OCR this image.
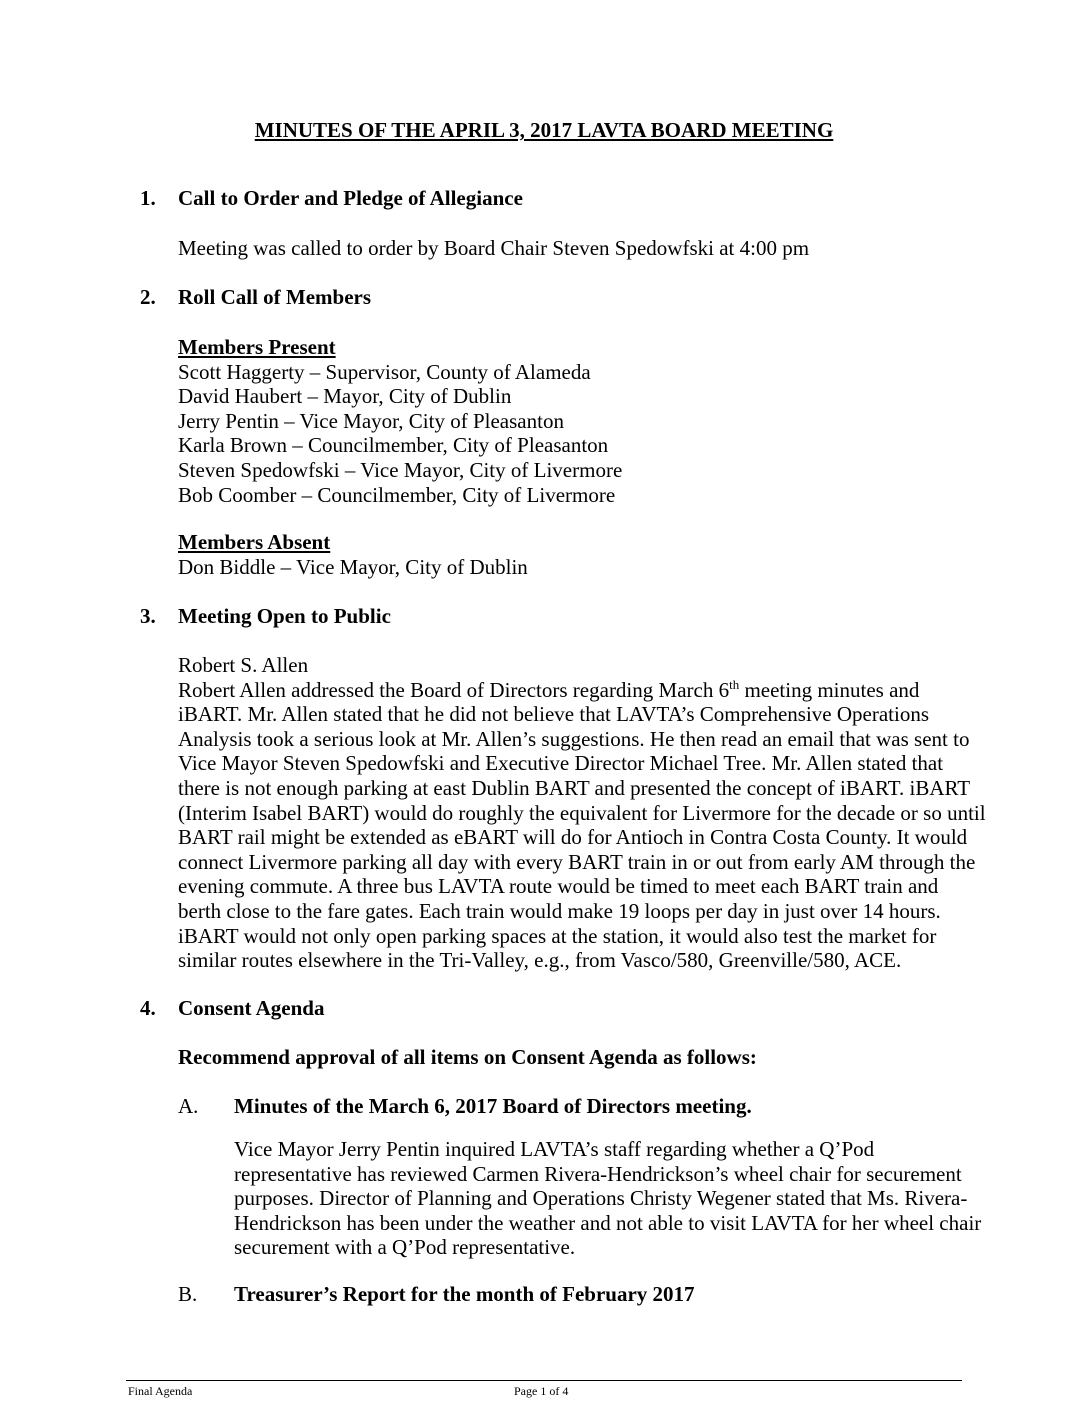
MINUTES OF THE APRIL 3, 2017 LAVTA BOARD MEETING
1. Call to Order and Pledge of Allegiance
Meeting was called to order by Board Chair Steven Spedowfski at 4:00 pm
2. Roll Call of Members
Members Present
Scott Haggerty – Supervisor, County of Alameda
David Haubert – Mayor, City of Dublin
Jerry Pentin – Vice Mayor, City of Pleasanton
Karla Brown – Councilmember, City of Pleasanton
Steven Spedowfski – Vice Mayor, City of Livermore
Bob Coomber – Councilmember, City of Livermore
Members Absent
Don Biddle – Vice Mayor, City of Dublin
3. Meeting Open to Public
Robert S. Allen
Robert Allen addressed the Board of Directors regarding March 6th meeting minutes and
iBART. Mr. Allen stated that he did not believe that LAVTA’s Comprehensive Operations
Analysis took a serious look at Mr. Allen’s suggestions. He then read an email that was sent to
Vice Mayor Steven Spedowfski and Executive Director Michael Tree. Mr. Allen stated that
there is not enough parking at east Dublin BART and presented the concept of iBART. iBART
(Interim Isabel BART) would do roughly the equivalent for Livermore for the decade or so until
BART rail might be extended as eBART will do for Antioch in Contra Costa County. It would
connect Livermore parking all day with every BART train in or out from early AM through the
evening commute. A three bus LAVTA route would be timed to meet each BART train and
berth close to the fare gates. Each train would make 19 loops per day in just over 14 hours.
iBART would not only open parking spaces at the station, it would also test the market for
similar routes elsewhere in the Tri-Valley, e.g., from Vasco/580, Greenville/580, ACE.
4. Consent Agenda
Recommend approval of all items on Consent Agenda as follows:
A. Minutes of the March 6, 2017 Board of Directors meeting.
Vice Mayor Jerry Pentin inquired LAVTA’s staff regarding whether a Q’Pod
representative has reviewed Carmen Rivera-Hendrickson’s wheel chair for securement
purposes. Director of Planning and Operations Christy Wegener stated that Ms. Rivera-
Hendrickson has been under the weather and not able to visit LAVTA for her wheel chair
securement with a Q’Pod representative.
B. Treasurer’s Report for the month of February 2017
Final Agenda	Page 1 of 4
